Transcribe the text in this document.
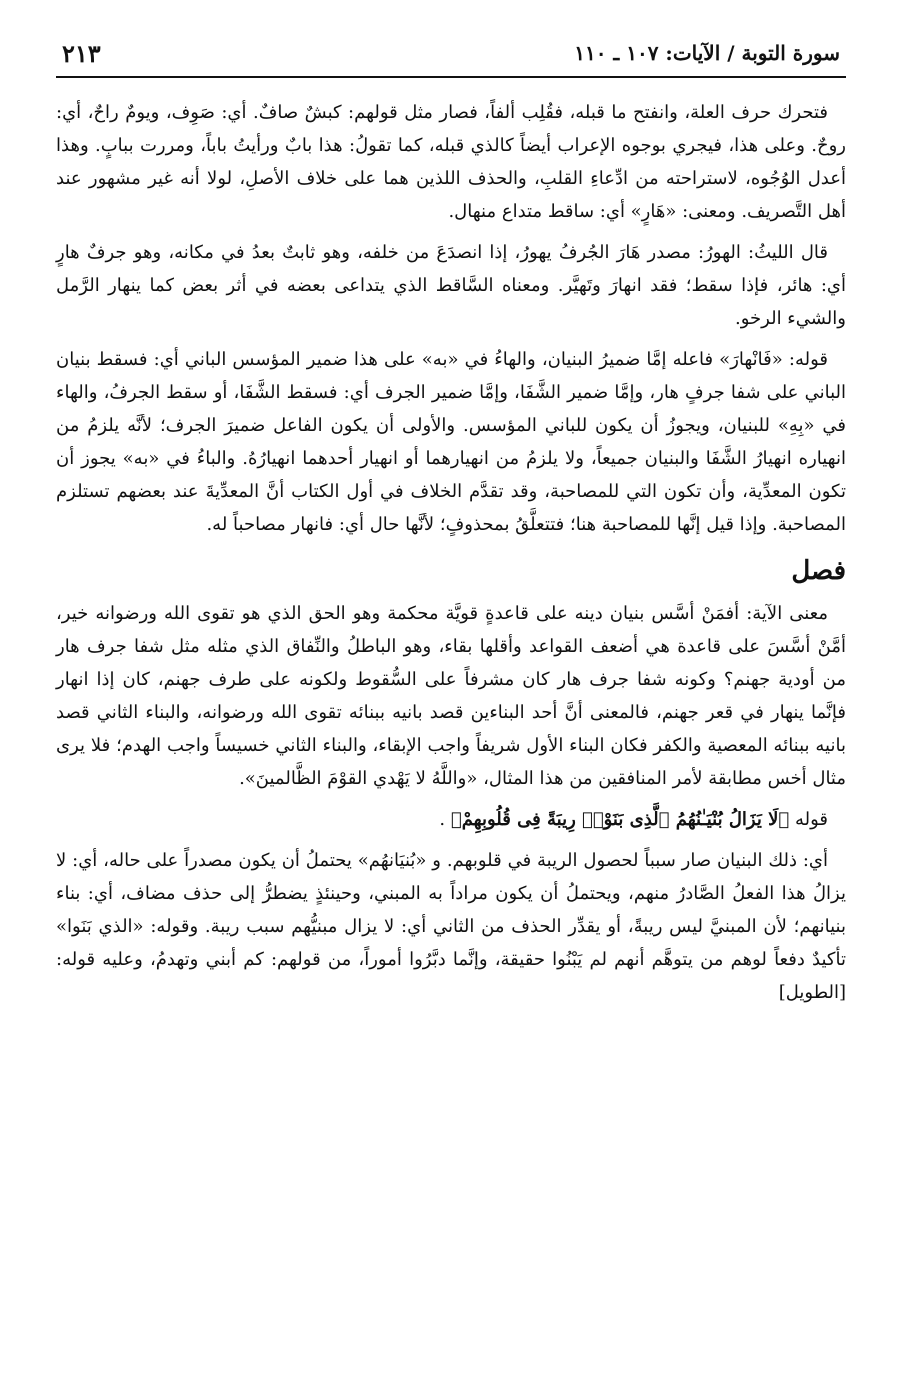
سورة التوبة / الآيات: ١٠٧ ـ ١١٠
٢١٣

فتحرك حرف العلة، وانفتح ما قبله، فقُلِب ألفاً، فصار مثل قولهم: كبشٌ صافٌ. أي: صَوِف، ويومٌ راحٌ، أي: روحٌ. وعلى هذا، فيجري بوجوه الإعراب أيضاً كالذي قبله، كما تقولُ: هذا بابٌ ورأيتُ باباً، ومررت ببابٍ. وهذا أعدل الوُجُوه، لاستراحته من ادِّعاءِ القلبِ، والحذف اللذين هما على خلاف الأصلِ، لولا أنه غير مشهور عند أهل التَّصريف. ومعنى: «هَارٍ» أي: ساقط متداع منهال.

قال الليثُ: الهورُ: مصدر هَارَ الجُرفُ يهورُ، إذا انصدَعَ من خلفه، وهو ثابتٌ بعدُ في مكانه، وهو جرفٌ هارٍ أي: هائر، فإذا سقط؛ فقد انهارَ وتَهيَّر. ومعناه السَّاقط الذي يتداعى بعضه في أثر بعض كما ينهار الرَّمل والشيء الرخو.

قوله: «فَانْهارَ» فاعله إمَّا ضميرُ البنيان، والهاءُ في «به» على هذا ضمير المؤسس الباني أي: فسقط بنيان الباني على شفا جرفٍ هار، وإمَّا ضمير الشَّفَا، وإمَّا ضمير الجرف أي: فسقط الشَّفَا، أو سقط الجرفُ، والهاء في «بِهِ» للبنيان، ويجوزُ أن يكون للباني المؤسس. والأولى أن يكون الفاعل ضميرَ الجرف؛ لأنَّه يلزمُ من انهياره انهيارُ الشَّفَا والبنيان جميعاً، ولا يلزمُ من انهيارهما أو انهيار أحدهما انهيارُهُ. والباءُ في «به» يجوز أن تكون المعدِّية، وأن تكون التي للمصاحبة، وقد تقدَّم الخلاف في أول الكتاب أنَّ المعدِّيةَ عند بعضهم تستلزم المصاحبة. وإذا قيل إنَّها للمصاحبة هنا؛ فتتعلَّقُ بمحذوفٍ؛ لأنَّها حال أي: فانهار مصاحباً له.

فصل

معنى الآية: أفمَنْ أسَّس بنيان دينه على قاعدةٍ قويَّة محكمة وهو الحق الذي هو تقوى الله ورضوانه خير، أمَّنْ أسَّسَ على قاعدة هي أضعف القواعد وأقلها بقاء، وهو الباطلُ والنِّفاق الذي مثله مثل شفا جرف هار من أودية جهنم؟ وكونه شفا جرف هار كان مشرفاً على السُّقوط ولكونه على طرف جهنم، كان إذا انهار فإنَّما ينهار في قعر جهنم، فالمعنى أنَّ أحد البناءين قصد بانيه ببنائه تقوى الله ورضوانه، والبناء الثاني قصد بانيه ببنائه المعصية والكفر فكان البناء الأول شريفاً واجب الإبقاء، والبناء الثاني خسيساً واجب الهدم؛ فلا يرى مثال أخس مطابقة لأمر المنافقين من هذا المثال، «واللَّهُ لا يَهْدي القوْمَ الظَّالمينَ».

قوله ﴿لَا يَزَالُ بُنْيَـٰنُهُمُ ٱلَّذِى بَنَوْا۟ رِيبَةً فِى قُلُوبِهِمْ﴾ .

أي: ذلك البنيان صار سبباً لحصول الريبة في قلوبهم. و «بُنيَانهُم» يحتملُ أن يكون مصدراً على حاله، أي: لا يزالُ هذا الفعلُ الصَّادرُ منهم، ويحتملُ أن يكون مراداً به المبني، وحينئذٍ يضطرُّ إلى حذف مضاف، أي: بناء بنيانهم؛ لأن المبنيَّ ليس ريبةً، أو يقدِّر الحذف من الثاني أي: لا يزال مبنيُّهم سبب ريبة. وقوله: «الذي بَنَوا» تأكيدٌ دفعاً لوهم من يتوهَّم أنهم لم يَبْنُوا حقيقة، وإنَّما دبَّرُوا أموراً، من قولهم: كم أبني وتهدمُ، وعليه قوله: [الطويل]
